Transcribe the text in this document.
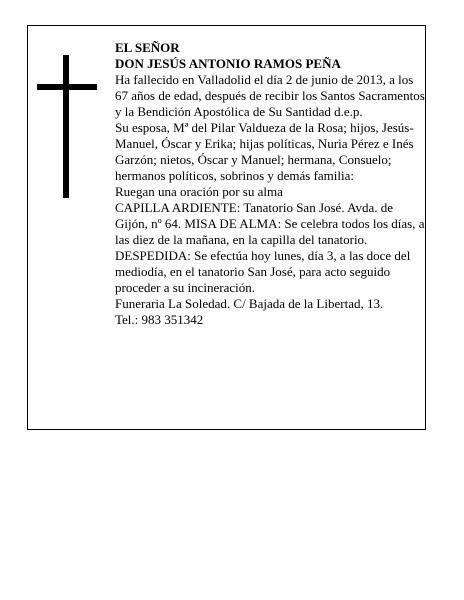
EL SEÑOR

DON JESÚS ANTONIO RAMOS PEÑA

Ha fallecido en Valladolid el día 2 de junio de 2013, a los 67 años de edad, después de recibir los Santos Sacramentos y la Bendición Apostólica de Su Santidad d.e.p.

Su esposa, Mª del Pilar Valdueza de la Rosa; hijos, Jesús-Manuel, Óscar y Erika; hijas políticas, Nuria Pérez e Inés Garzón; nietos, Óscar y Manuel; hermana, Consuelo; hermanos políticos, sobrinos y demás familia:

Ruegan una oración por su alma

CAPILLA ARDIENTE: Tanatorio San José. Avda. de Gijón, nº 64. MISA DE ALMA: Se celebra todos los días, a las diez de la mañana, en la capilla del tanatorio.

DESPEDIDA: Se efectúa hoy lunes, día 3, a las doce del mediodía, en el tanatorio San José, para acto seguido proceder a su incineración.

Funeraria La Soledad. C/ Bajada de la Libertad, 13.

Tel.: 983 351342
